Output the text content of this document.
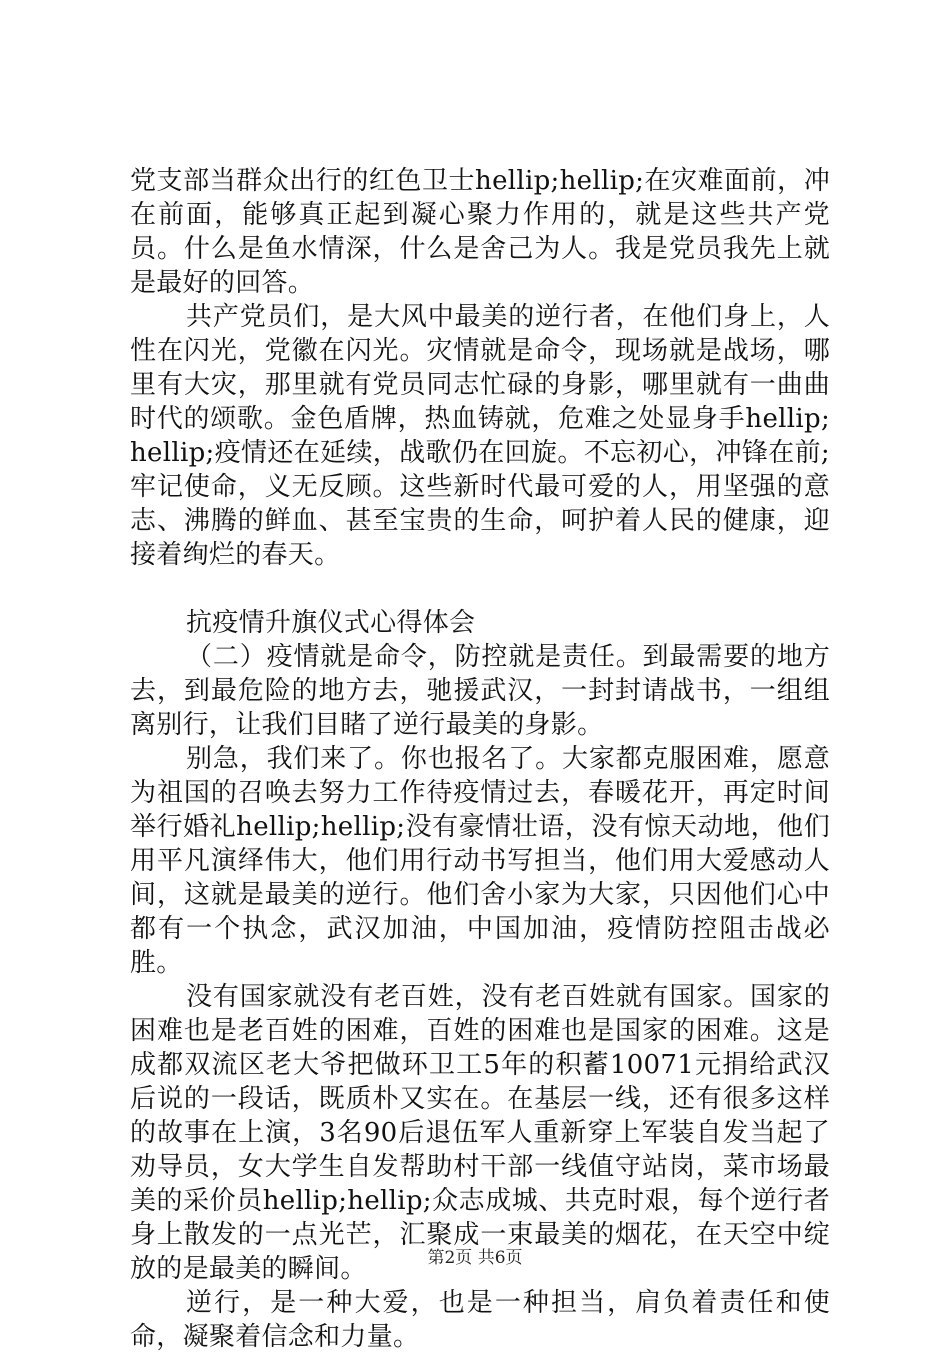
党支部当群众出行的红色卫士hellip;hellip;在灾难面前，冲在前面，能够真正起到凝心聚力作用的，就是这些共产党员。什么是鱼水情深，什么是舍己为人。我是党员我先上就是最好的回答。

共产党员们，是大风中最美的逆行者，在他们身上，人性在闪光，党徽在闪光。灾情就是命令，现场就是战场，哪里有大灾，那里就有党员同志忙碌的身影，哪里就有一曲曲时代的颂歌。金色盾牌，热血铸就，危难之处显身手hellip;hellip;疫情还在延续，战歌仍在回旋。不忘初心，冲锋在前;牢记使命，义无反顾。这些新时代最可爱的人，用坚强的意志、沸腾的鲜血、甚至宝贵的生命，呵护着人民的健康，迎接着绚烂的春天。

抗疫情升旗仪式心得体会

（二）疫情就是命令，防控就是责任。到最需要的地方去，到最危险的地方去，驰援武汉，一封封请战书，一组组离别行，让我们目睹了逆行最美的身影。

别急，我们来了。你也报名了。大家都克服困难，愿意为祖国的召唤去努力工作待疫情过去，春暖花开，再定时间举行婚礼hellip;hellip;没有豪情壮语，没有惊天动地，他们用平凡演绎伟大，他们用行动书写担当，他们用大爱感动人间，这就是最美的逆行。他们舍小家为大家，只因他们心中都有一个执念，武汉加油，中国加油，疫情防控阻击战必胜。

没有国家就没有老百姓，没有老百姓就有国家。国家的困难也是老百姓的困难，百姓的困难也是国家的困难。这是成都双流区老大爷把做环卫工5年的积蓄10071元捐给武汉后说的一段话，既质朴又实在。在基层一线，还有很多这样的故事在上演，3名90后退伍军人重新穿上军装自发当起了劝导员，女大学生自发帮助村干部一线值守站岗，菜市场最美的采价员hellip;hellip;众志成城、共克时艰，每个逆行者身上散发的一点光芒，汇聚成一束最美的烟花，在天空中绽放的是最美的瞬间。

逆行，是一种大爱，也是一种担当，肩负着责任和使命，凝聚着信念和力量。

第2页 共6页
